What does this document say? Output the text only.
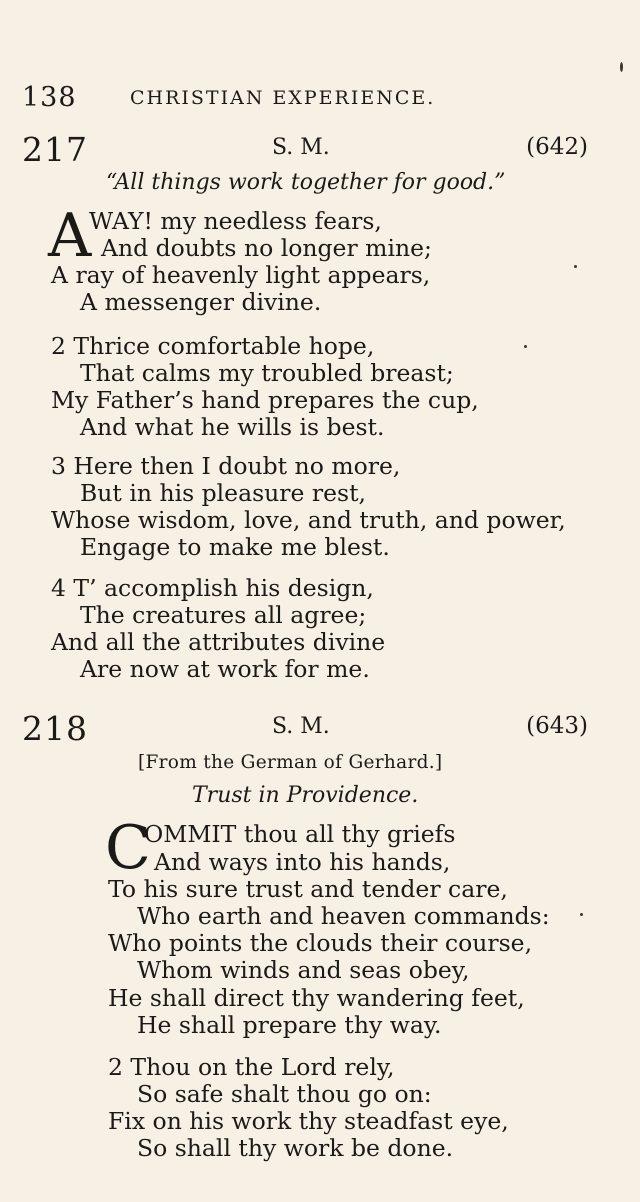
138	CHRISTIAN EXPERIENCE.
217	S. M.	(642)
“All things work together for good.”
A
WAY! my needless fears,
And doubts no longer mine;
A ray of heavenly light appears,
A messenger divine.
2 Thrice comfortable hope,
That calms my troubled breast;
My Father’s hand prepares the cup,
And what he wills is best.
3 Here then I doubt no more,
But in his pleasure rest,
Whose wisdom, love, and truth, and power,
Engage to make me blest.
4 T’ accomplish his design,
The creatures all agree;
And all the attributes divine
Are now at work for me.
218	S. M.	(643)
[From the German of Gerhard.]
Trust in Providence.
C
OMMIT thou all thy griefs
And ways into his hands,
To his sure trust and tender care,
Who earth and heaven commands:
Who points the clouds their course,
Whom winds and seas obey,
He shall direct thy wandering feet,
He shall prepare thy way.
2 Thou on the Lord rely,
So safe shalt thou go on:
Fix on his work thy steadfast eye,
So shall thy work be done.
